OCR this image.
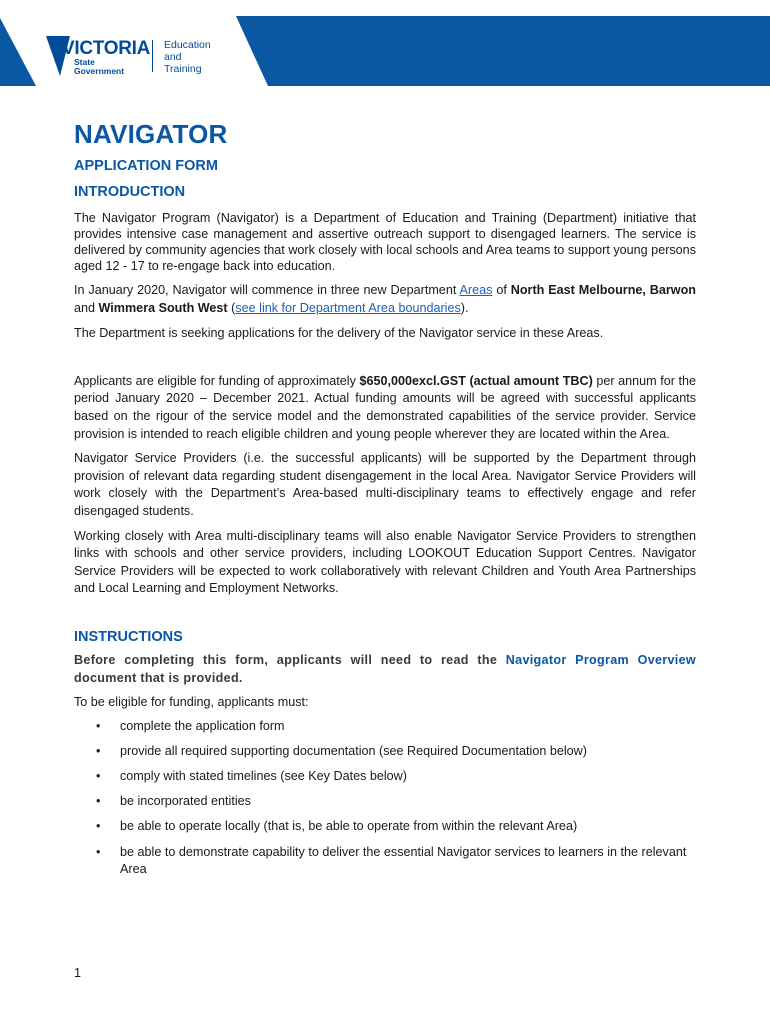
VICTORIA
State
Government
Education
and Training
NAVIGATOR
APPLICATION FORM
INTRODUCTION

The Navigator Program (Navigator) is a Department of Education and Training (Department) initiative that provides intensive case management and assertive outreach support to disengaged learners. The service is delivered by community agencies that work closely with local schools and Area teams to support young persons aged 12 - 17 to re-engage back into education.

In January 2020, Navigator will commence in three new Department Areas of North East Melbourne, Barwon and Wimmera South West (see link for Department Area boundaries).

The Department is seeking applications for the delivery of the Navigator service in these Areas.

Applicants are eligible for funding of approximately $650,000excl.GST (actual amount TBC) per annum for the period January 2020 – December 2021. Actual funding amounts will be agreed with successful applicants based on the rigour of the service model and the demonstrated capabilities of the service provider. Service provision is intended to reach eligible children and young people wherever they are located within the Area.

Navigator Service Providers (i.e. the successful applicants) will be supported by the Department through provision of relevant data regarding student disengagement in the local Area. Navigator Service Providers will work closely with the Department’s Area-based multi-disciplinary teams to effectively engage and refer disengaged students.

Working closely with Area multi-disciplinary teams will also enable Navigator Service Providers to strengthen links with schools and other service providers, including LOOKOUT Education Support Centres. Navigator Service Providers will be expected to work collaboratively with relevant Children and Youth Area Partnerships and Local Learning and Employment Networks.

INSTRUCTIONS

Before completing this form, applicants will need to read the Navigator Program Overview document that is provided.

To be eligible for funding, applicants must:

• complete the application form
• provide all required supporting documentation (see Required Documentation below)
• comply with stated timelines (see Key Dates below)
• be incorporated entities
• be able to operate locally (that is, be able to operate from within the relevant Area)
• be able to demonstrate capability to deliver the essential Navigator services to learners in the relevant Area
1
